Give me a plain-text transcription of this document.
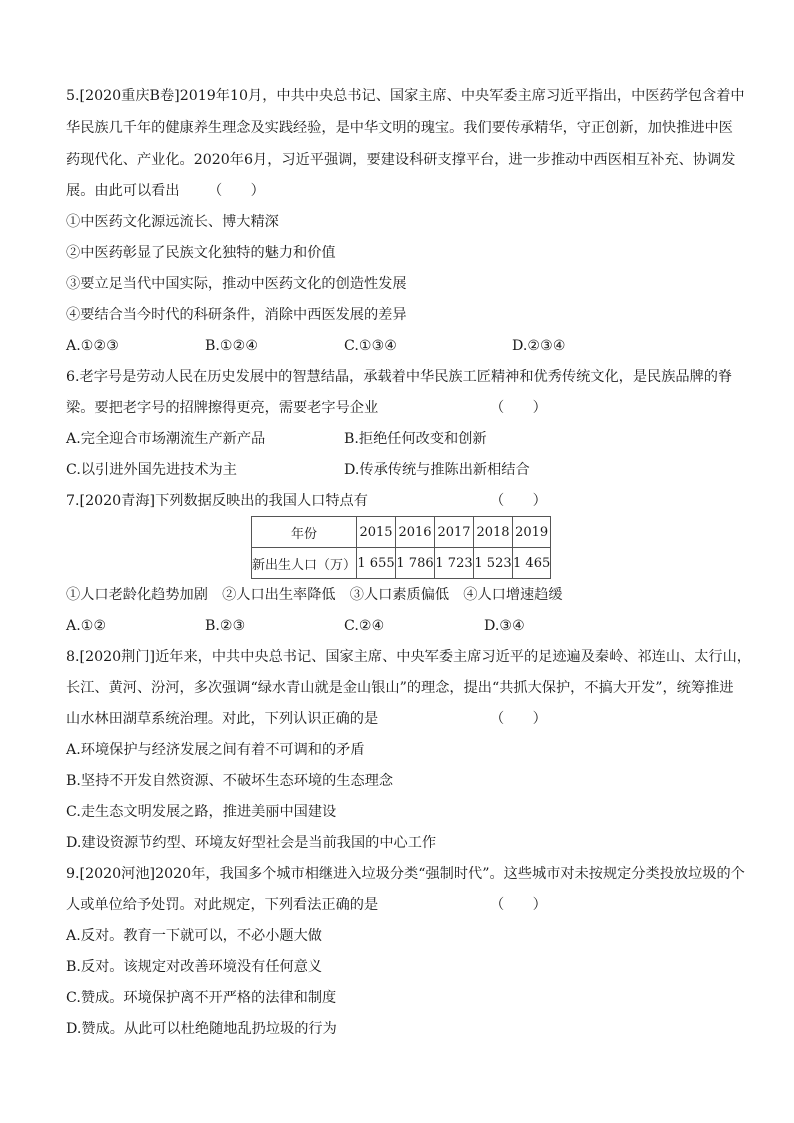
5.[2020重庆B卷]2019年10月，中共中央总书记、国家主席、中央军委主席习近平指出，中医药学包含着中
华民族几千年的健康养生理念及实践经验，是中华文明的瑰宝。我们要传承精华，守正创新，加快推进中医
药现代化、产业化。2020年6月，习近平强调，要建设科研支撑平台，进一步推动中西医相互补充、协调发
展。由此可以看出 （　　）
①中医药文化源远流长、博大精深
②中医药彰显了民族文化独特的魅力和价值
③要立足当代中国实际，推动中医药文化的创造性发展
④要结合当今时代的科研条件，消除中西医发展的差异
A.①②③	B.①②④	C.①③④	D.②③④
6.老字号是劳动人民在历史发展中的智慧结晶，承载着中华民族工匠精神和优秀传统文化，是民族品牌的脊
梁。要把老字号的招牌擦得更亮，需要老字号企业	（　　）
A.完全迎合市场潮流生产新产品	B.拒绝任何改变和创新
C.以引进外国先进技术为主	D.传承传统与推陈出新相结合
7.[2020青海]下列数据反映出的我国人口特点有	（　　）
年份	2015	2016	2017	2018	2019
新出生人口（万）	1 655	1 786	1 723	1 523	1 465
①人口老龄化趋势加剧　②人口出生率降低　③人口素质偏低　④人口增速趋缓
A.①②	B.②③	C.②④	D.③④
8.[2020荆门]近年来，中共中央总书记、国家主席、中央军委主席习近平的足迹遍及秦岭、祁连山、太行山，
长江、黄河、汾河，多次强调“绿水青山就是金山银山”的理念，提出“共抓大保护，不搞大开发”，统筹推进
山水林田湖草系统治理。对此，下列认识正确的是	（　　）
A.环境保护与经济发展之间有着不可调和的矛盾
B.坚持不开发自然资源、不破坏生态环境的生态理念
C.走生态文明发展之路，推进美丽中国建设
D.建设资源节约型、环境友好型社会是当前我国的中心工作
9.[2020河池]2020年，我国多个城市相继进入垃圾分类“强制时代”。这些城市对未按规定分类投放垃圾的个
人或单位给予处罚。对此规定，下列看法正确的是	（　　）
A.反对。教育一下就可以，不必小题大做
B.反对。该规定对改善环境没有任何意义
C.赞成。环境保护离不开严格的法律和制度
D.赞成。从此可以杜绝随地乱扔垃圾的行为
